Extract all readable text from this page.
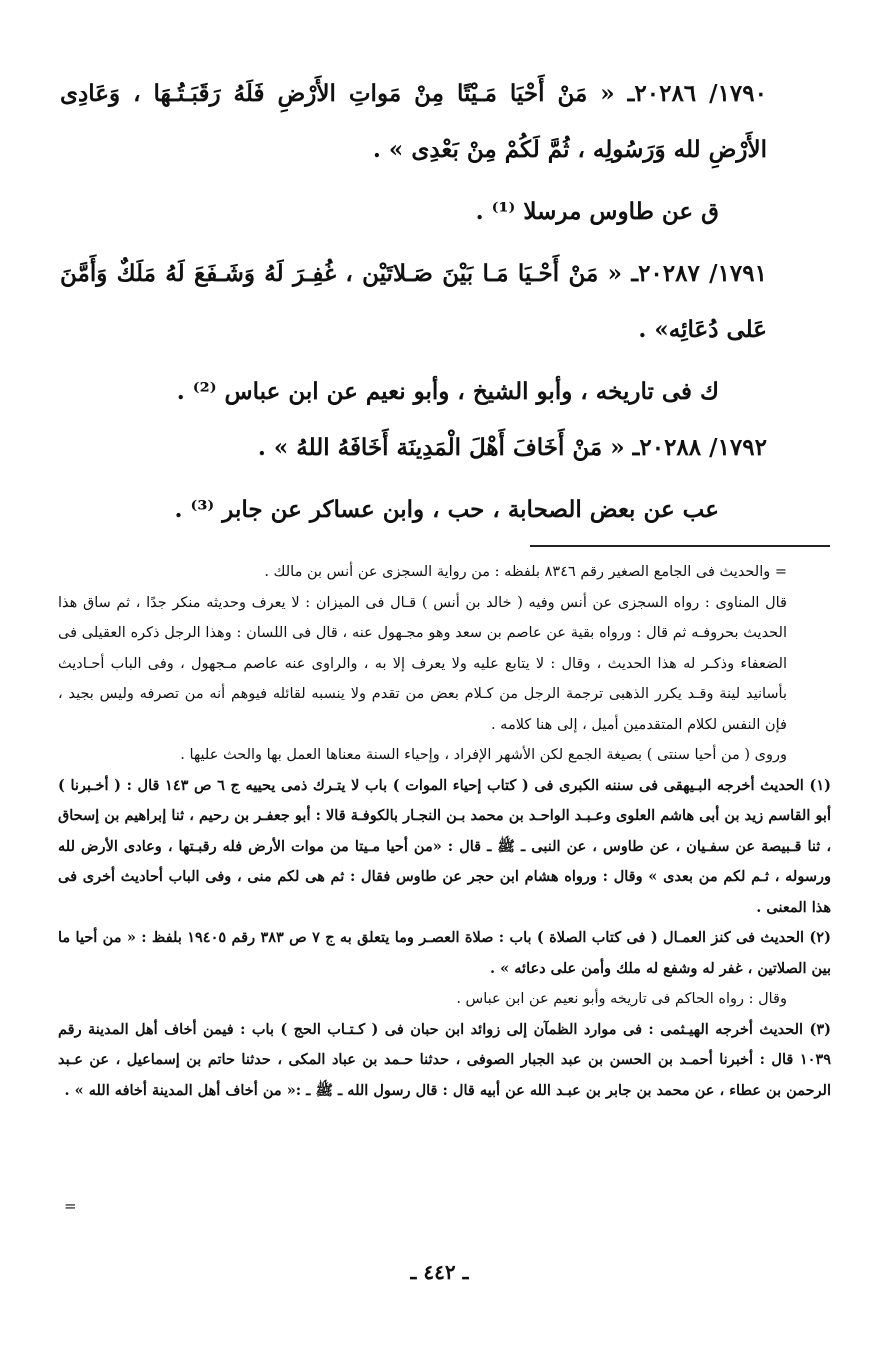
١٧٩٠/ ٢٠٢٨٦ـ « مَنْ أَحْيَا مَـيْتًا مِنْ مَواتِ الأَرْضِ فَلَهُ رَقَبَـتُـهَا ، وَعَادِى الأَرْضِ لله وَرَسُولِه ، ثُمَّ لَكُمْ مِنْ بَعْدِى » .

ق عن طاوس مرسلا ⁽¹⁾ .

١٧٩١/ ٢٠٢٨٧ـ « مَنْ أَحْـيَا مَـا بَيْنَ صَـلاتَيْن ، غُفِـرَ لَهُ وَشَـفَعَ لَهُ مَلَكٌ وَأَمَّنَ عَلى دُعَائِه» .

ك فى تاريخه ، وأبو الشيخ ، وأبو نعيم عن ابن عباس ⁽²⁾ .

١٧٩٢/ ٢٠٢٨٨ـ « مَنْ أَخَافَ أَهْلَ الْمَدِينَة أَخَافَهُ اللهُ » .

عب عن بعض الصحابة ، حب ، وابن عساكر عن جابر ⁽³⁾ .

= والحديث فى الجامع الصغير رقم ٨٣٤٦ بلفظه : من رواية السجزى عن أنس بن مالك .

قال المناوى : رواه السجزى عن أنس وفيه ( خالد بن أنس ) قـال فى الميزان : لا يعرف وحديثه منكر جدًا ، ثم ساق هذا الحديث بحروفـه ثم قال : ورواه بقية عن عاصم بن سعد وهو مجـهول عنه ، قال فى اللسان : وهذا الرجل ذكره العقيلى فى الضعفاء وذكـر له هذا الحديث ، وقال : لا يتابع عليه ولا يعرف إلا به ، والراوى عنه عاصم مـجهول ، وفى الباب أحـاديث بأسانيد لينة وقـد يكرر الذهبى ترجمة الرجل من كـلام بعض من تقدم ولا ينسبه لقائله فيوهم أنه من تصرفه وليس بجيد ، فإن النفس لكلام المتقدمين أميل ، إلى هنا كلامه .

وروى ( من أحيا سنتى ) بصيغة الجمع لكن الأشهر الإفراد ، وإحياء السنة معناها العمل بها والحث عليها .

(١) الحديث أخرجه البـيهقى فى سننه الكبرى فى ( كتاب إحياء الموات ) باب لا يتـرك ذمى يحييه ج ٦ ص ١٤٣ قال : ( أخـبرنا ) أبو القاسم زيد بن أبى هاشم العلوى وعـبـد الواحـد بن محمد بـن النجـار بالكوفـة قالا : أبو جعفـر بن رحيم ، ثنا إبراهيم بن إسحاق ، ثنا قـبيصة عن سفـيان ، عن طاوس ، عن النبى ـ ﷺ ـ قال : «من أحيا مـيتا من موات الأرض فله رقبـتها ، وعادى الأرض لله ورسوله ، ثـم لكم من بعدى » وقال : ورواه هشام ابن حجر عن طاوس فقال : ثم هى لكم منى ، وفى الباب أحاديث أخرى فى هذا المعنى .

(٢) الحديث فى كنز العمـال ( فى كتاب الصلاة ) باب : صلاة العصـر وما يتعلق به ج ٧ ص ٣٨٣ رقم ١٩٤٠٥ بلفظ : « من أحيا ما بين الصلاتين ، غفر له وشفع له ملك وأمن على دعائه » .

وقال : رواه الحاكم فى تاريخه وأبو نعيم عن ابن عباس .

(٣) الحديث أخرجه الهيـثمى : فى موارد الظمآن إلى زوائد ابن حبان فى ( كـتـاب الحج ) باب : فيمن أخاف أهل المدينة رقم ١٠٣٩ قال : أخبرنا أحمـد بن الحسن بن عبد الجبار الصوفى ، حدثنا حـمد بن عباد المكى ، حدثنا حاتم بن إسماعيل ، عن عـبد الرحمن بن عطاء ، عن محمد بن جابر بن عبـد الله عن أبيه قال : قال رسول الله ـ ﷺ ـ :« من أخاف أهل المدينة أخافه الله » .

=
ـ ٤٤٢ ـ
